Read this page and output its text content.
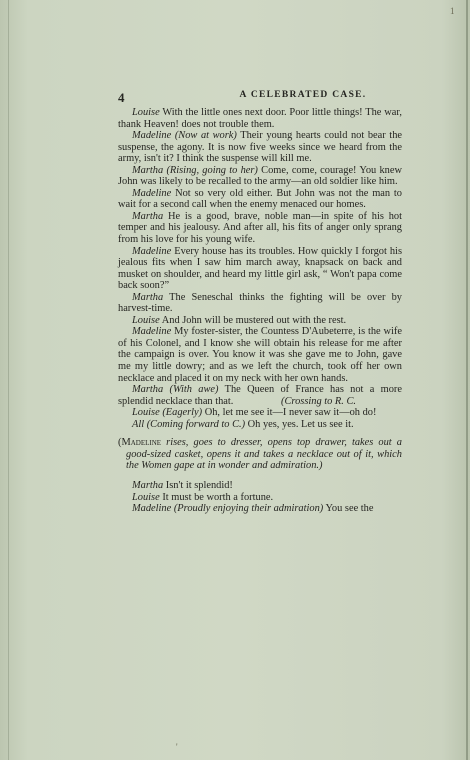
1
'
4	A CELEBRATED CASE.

Louise With the little ones next door. Poor little things! The war, thank Heaven! does not trouble them.

Madeline (Now at work) Their young hearts could not bear the suspense, the agony. It is now five weeks since we heard from the army, isn't it? I think the suspense will kill me.

Martha (Rising, going to her) Come, come, courage! You knew John was likely to be recalled to the army—an old soldier like him.

Madeline Not so very old either. But John was not the man to wait for a second call when the enemy menaced our homes.

Martha He is a good, brave, noble man—in spite of his hot temper and his jealousy. And after all, his fits of anger only sprang from his love for his young wife.

Madeline Every house has its troubles. How quickly I forgot his jealous fits when I saw him march away, knapsack on back and musket on shoulder, and heard my little girl ask, “ Won't papa come back soon?”

Martha The Seneschal thinks the fighting will be over by harvest-time.

Louise And John will be mustered out with the rest.

Madeline My foster-sister, the Countess D'Aubeterre, is the wife of his Colonel, and I know she will obtain his release for me after the campaign is over. You know it was she gave me to John, gave me my little dowry; and as we left the church, took off her own necklace and placed it on my neck with her own hands.

Martha (With awe) The Queen of France has not a more splendid necklace than that.	(Crossing to R. C.

Louise (Eagerly) Oh, let me see it—I never saw it—oh do!

All (Coming forward to C.) Oh yes, yes. Let us see it.

(Madeline rises, goes to dresser, opens top drawer, takes out a good-sized casket, opens it and takes a necklace out of it, which the Women gape at in wonder and admiration.)

Martha Isn't it splendid!

Louise It must be worth a fortune.

Madeline (Proudly enjoying their admiration) You see the
